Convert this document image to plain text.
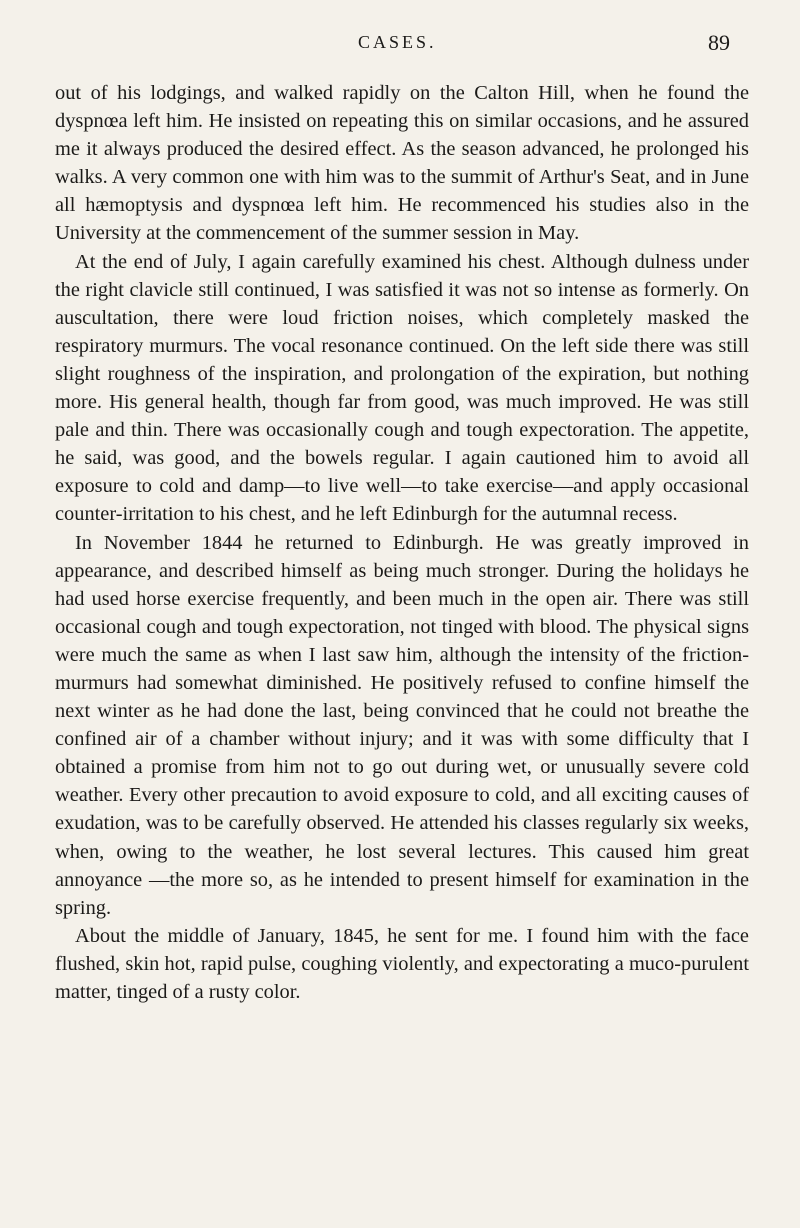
CASES.	89

out of his lodgings, and walked rapidly on the Calton Hill, when he found the dyspnœa left him. He insisted on repeating this on similar occasions, and he assured me it always produced the desired effect. As the season advanced, he prolonged his walks. A very common one with him was to the summit of Arthur's Seat, and in June all hæmoptysis and dyspnœa left him. He recommenced his studies also in the University at the commencement of the summer session in May.

At the end of July, I again carefully examined his chest. Although dulness under the right clavicle still continued, I was satisfied it was not so intense as formerly. On auscultation, there were loud friction noises, which completely masked the respiratory murmurs. The vocal resonance continued. On the left side there was still slight roughness of the inspiration, and prolongation of the expiration, but nothing more. His general health, though far from good, was much improved. He was still pale and thin. There was occasionally cough and tough expectoration. The appetite, he said, was good, and the bowels regular. I again cautioned him to avoid all exposure to cold and damp—to live well—to take exercise—and apply occasional counter-irritation to his chest, and he left Edinburgh for the autumnal recess.

In November 1844 he returned to Edinburgh. He was greatly improved in appearance, and described himself as being much stronger. During the holidays he had used horse exercise frequently, and been much in the open air. There was still occasional cough and tough expectoration, not tinged with blood. The physical signs were much the same as when I last saw him, although the intensity of the friction-murmurs had somewhat diminished. He positively refused to confine himself the next winter as he had done the last, being convinced that he could not breathe the confined air of a chamber without injury; and it was with some difficulty that I obtained a promise from him not to go out during wet, or unusually severe cold weather. Every other precaution to avoid exposure to cold, and all exciting causes of exudation, was to be carefully observed. He attended his classes regularly six weeks, when, owing to the weather, he lost several lectures. This caused him great annoyance —the more so, as he intended to present himself for examination in the spring.

About the middle of January, 1845, he sent for me. I found him with the face flushed, skin hot, rapid pulse, coughing violently, and expectorating a muco-purulent matter, tinged of a rusty color.
